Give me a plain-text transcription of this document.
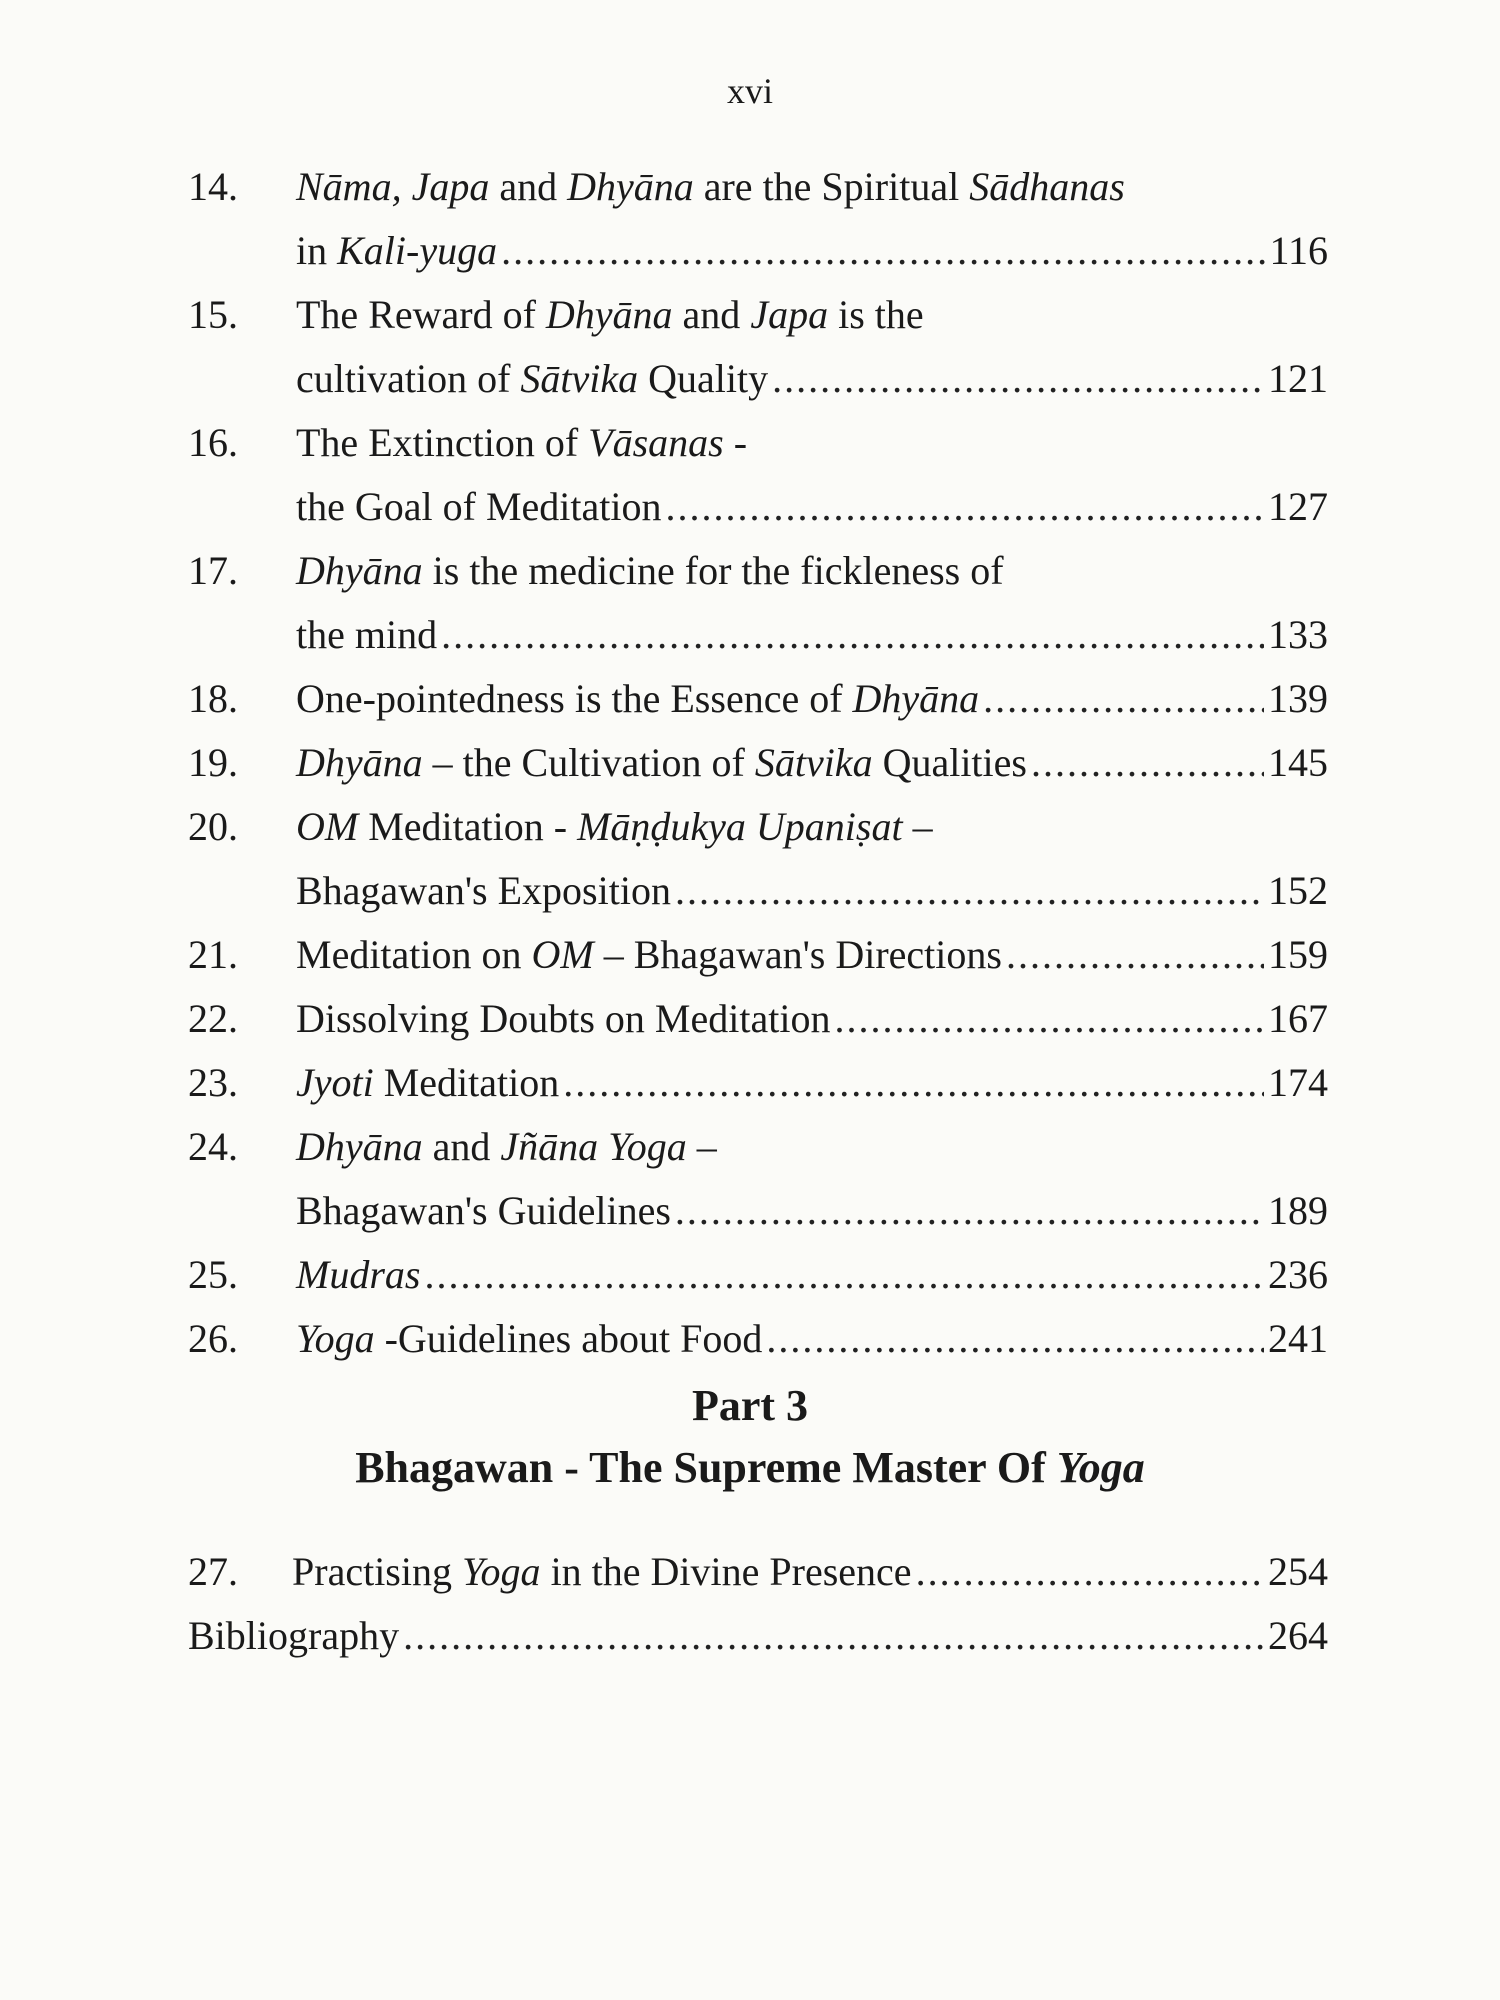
xvi
14.	Nāma, Japa and Dhyāna are the Spiritual Sādhanas
in Kali-yuga .....	116
15.	The Reward of Dhyāna and Japa is the
cultivation of Sātvika Quality .....	121
16.	The Extinction of Vāsanas -
the Goal of Meditation .....	127
17.	Dhyāna is the medicine for the fickleness of
the mind .....	133
18.	One-pointedness is the Essence of Dhyāna .....	139
19.	Dhyāna – the Cultivation of Sātvika Qualities .....	145
20.	OM Meditation - Māṇḍukya Upaniṣat –
Bhagawan's Exposition .....	152
21.	Meditation on OM – Bhagawan's Directions .....	159
22.	Dissolving Doubts on Meditation .....	167
23.	Jyoti Meditation .....	174
24.	Dhyāna and Jñāna Yoga –
Bhagawan's Guidelines .....	189
25.	Mudras .....	236
26.	Yoga -Guidelines about Food .....	241
Part 3
Bhagawan - The Supreme Master Of Yoga
27.	Practising Yoga in the Divine Presence .....	254
Bibliography .....	264
